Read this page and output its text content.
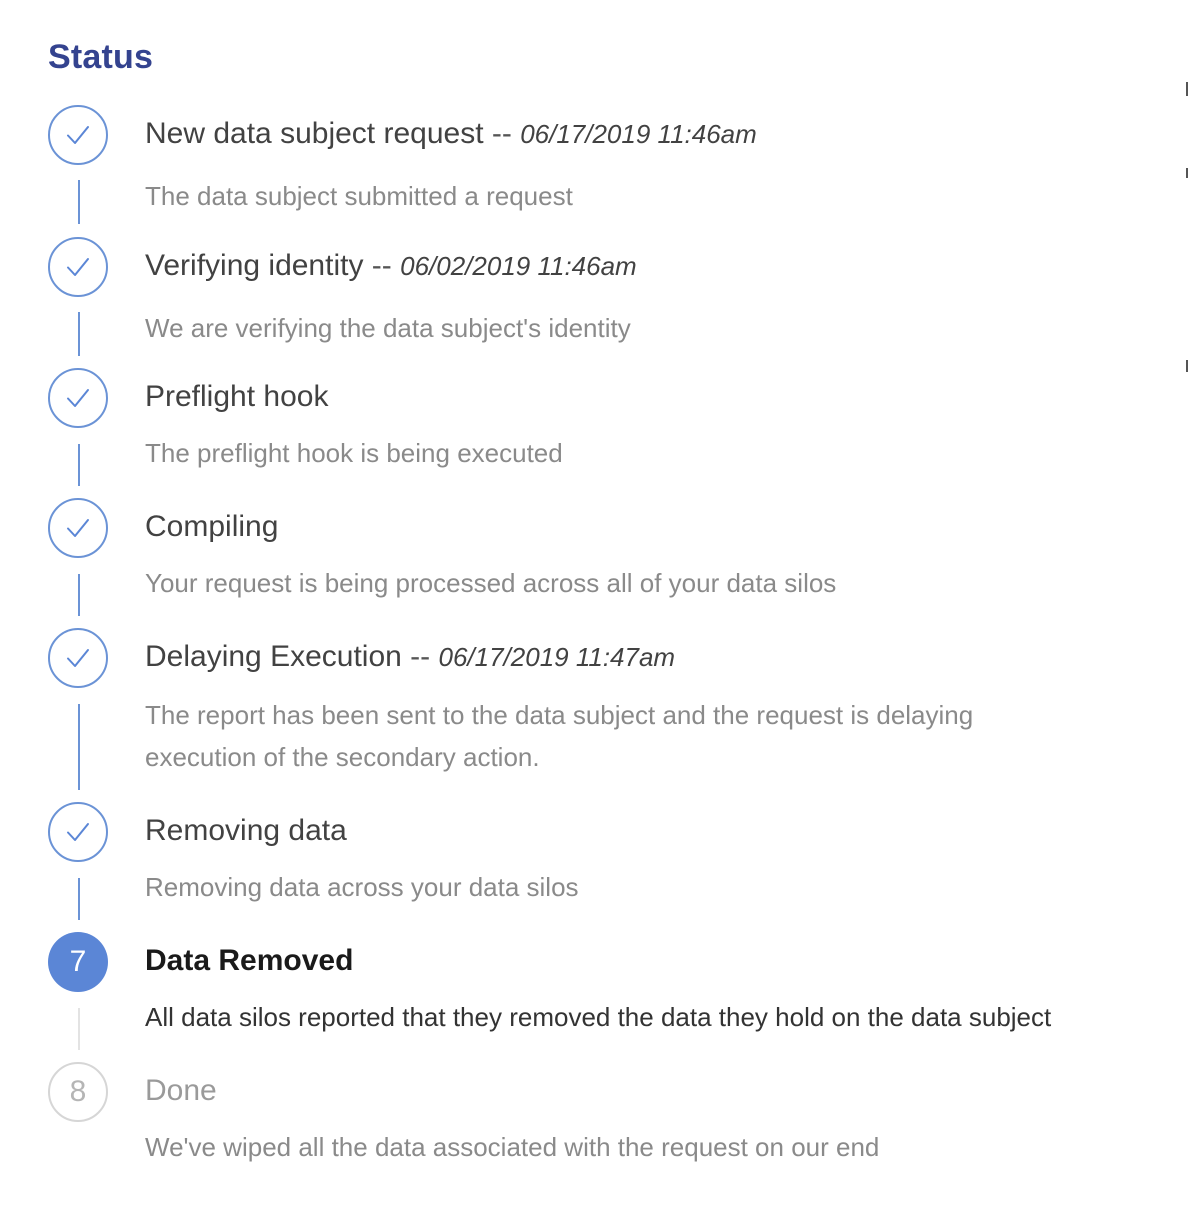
Status
New data subject request -- 06/17/2019 11:46am
The data subject submitted a request
Verifying identity -- 06/02/2019 11:46am
We are verifying the data subject's identity
Preflight hook
The preflight hook is being executed
Compiling
Your request is being processed across all of your data silos
Delaying Execution -- 06/17/2019 11:47am
The report has been sent to the data subject and the request is delaying execution of the secondary action.
Removing data
Removing data across your data silos
7	Data Removed
All data silos reported that they removed the data they hold on the data subject
8	Done
We've wiped all the data associated with the request on our end
